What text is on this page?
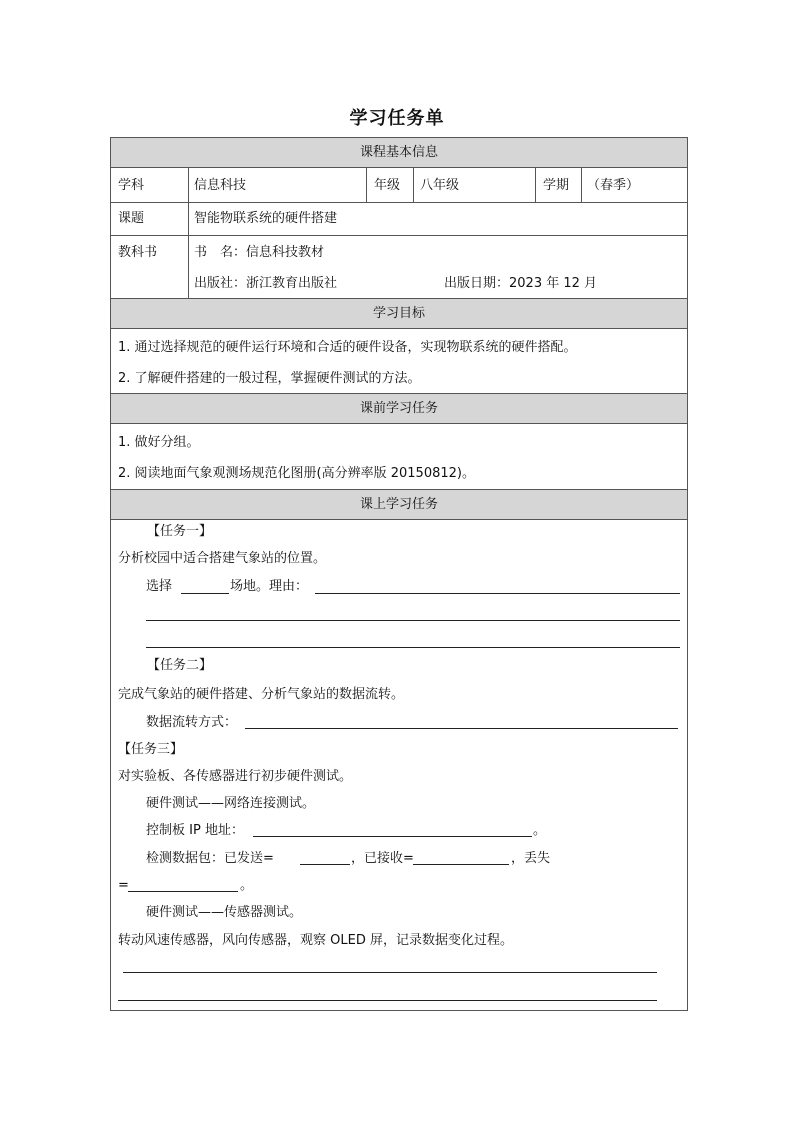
学习任务单
课程基本信息
学科	信息科技	年级 八年级	学期 （春季）
课题	智能物联系统的硬件搭建
教科书	书　名：信息科技教材
出版社：浙江教育出版社	出版日期：2023 年 12 月
学习目标
1. 通过选择规范的硬件运行环境和合适的硬件设备，实现物联系统的硬件搭配。
2. 了解硬件搭建的一般过程，掌握硬件测试的方法。
课前学习任务
1. 做好分组。
2. 阅读地面气象观测场规范化图册(高分辨率版 20150812)。
课上学习任务
【任务一】
分析校园中适合搭建气象站的位置。
选择	场地。理由：
【任务二】
完成气象站的硬件搭建、分析气象站的数据流转。
数据流转方式：
【任务三】
对实验板、各传感器进行初步硬件测试。
硬件测试——网络连接测试。
控制板 IP 地址：	。
检测数据包：已发送=	，已接收=	，丢失
=	。
硬件测试——传感器测试。
转动风速传感器，风向传感器，观察 OLED 屏，记录数据变化过程。
